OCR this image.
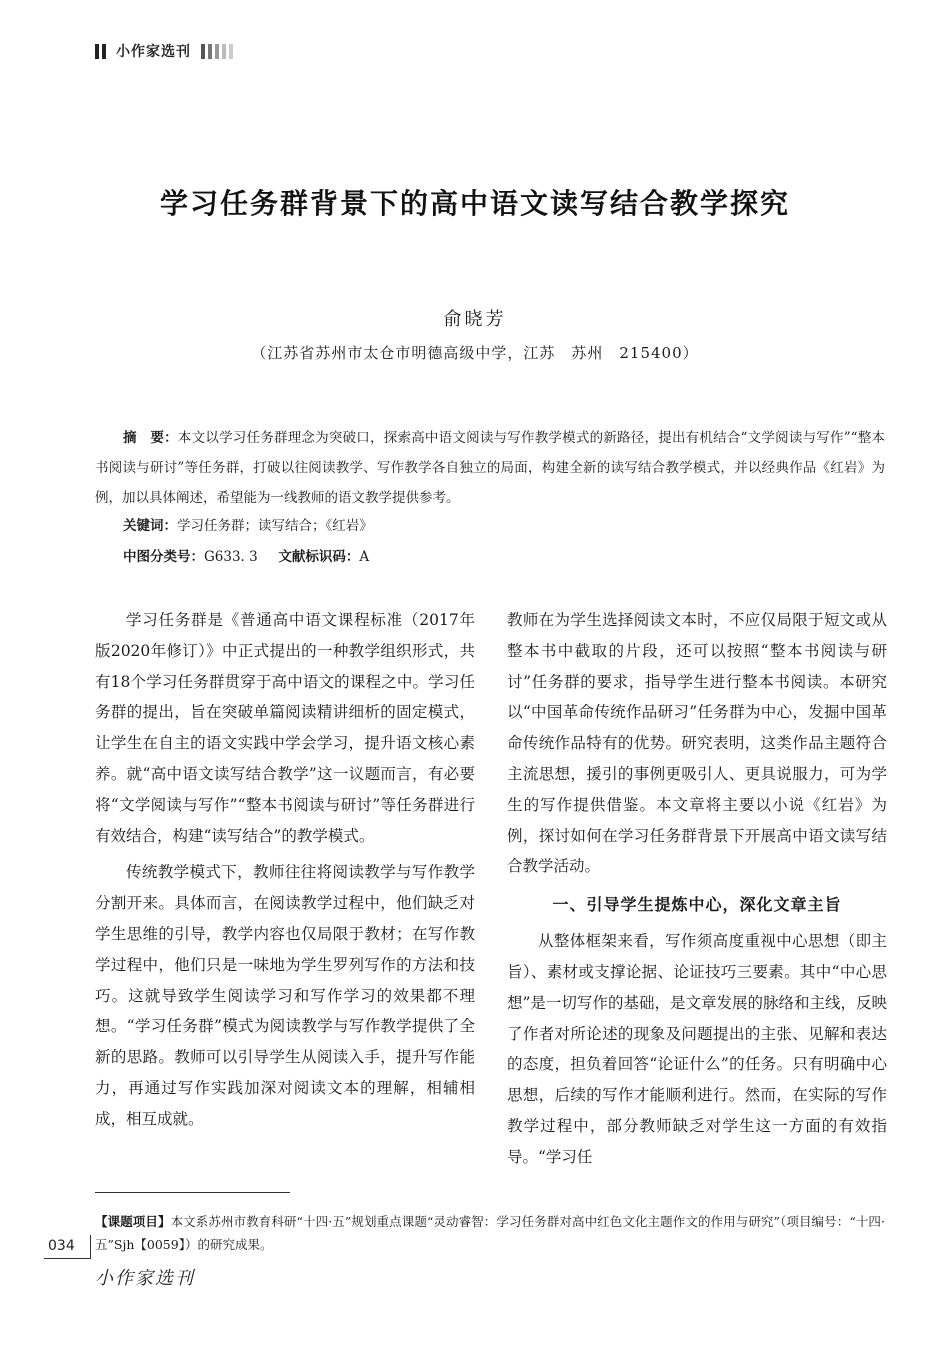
小作家选刊
学习任务群背景下的高中语文读写结合教学探究
俞晓芳
（江苏省苏州市太仓市明德高级中学，江苏　苏州　215400）

摘　要：本文以学习任务群理念为突破口，探索高中语文阅读与写作教学模式的新路径，提出有机结合“文学阅读与写作”“整本书阅读与研讨”等任务群，打破以往阅读教学、写作教学各自独立的局面，构建全新的读写结合教学模式，并以经典作品《红岩》为例，加以具体阐述，希望能为一线教师的语文教学提供参考。

关键词：学习任务群；读写结合；《红岩》
中图分类号：G633. 3 文献标识码：A

学习任务群是《普通高中语文课程标准（2017年版2020年修订）》中正式提出的一种教学组织形式，共有18个学习任务群贯穿于高中语文的课程之中。学习任务群的提出，旨在突破单篇阅读精讲细析的固定模式，让学生在自主的语文实践中学会学习，提升语文核心素养。就“高中语文读写结合教学”这一议题而言，有必要将“文学阅读与写作”“整本书阅读与研讨”等任务群进行有效结合，构建“读写结合”的教学模式。

传统教学模式下，教师往往将阅读教学与写作教学分割开来。具体而言，在阅读教学过程中，他们缺乏对学生思维的引导，教学内容也仅局限于教材；在写作教学过程中，他们只是一味地为学生罗列写作的方法和技巧。这就导致学生阅读学习和写作学习的效果都不理想。“学习任务群”模式为阅读教学与写作教学提供了全新的思路。教师可以引导学生从阅读入手，提升写作能力，再通过写作实践加深对阅读文本的理解，相辅相成，相互成就。

教师在为学生选择阅读文本时，不应仅局限于短文或从整本书中截取的片段，还可以按照“整本书阅读与研讨”任务群的要求，指导学生进行整本书阅读。本研究以“中国革命传统作品研习”任务群为中心，发掘中国革命传统作品特有的优势。研究表明，这类作品主题符合主流思想，援引的事例更吸引人、更具说服力，可为学生的写作提供借鉴。本文章将主要以小说《红岩》为例，探讨如何在学习任务群背景下开展高中语文读写结合教学活动。

一、引导学生提炼中心，深化文章主旨

从整体框架来看，写作须高度重视中心思想（即主旨）、素材或支撑论据、论证技巧三要素。其中“中心思想”是一切写作的基础，是文章发展的脉络和主线，反映了作者对所论述的现象及问题提出的主张、见解和表达的态度，担负着回答“论证什么”的任务。只有明确中心思想，后续的写作才能顺利进行。然而，在实际的写作教学过程中，部分教师缺乏对学生这一方面的有效指导。“学习任

【课题项目】本文系苏州市教育科研“十四·五”规划重点课题“灵动睿智：学习任务群对高中红色文化主题作文的作用与研究”（项目编号：“十四·五”Sjh【0059】）的研究成果。
034
小作家选刊
